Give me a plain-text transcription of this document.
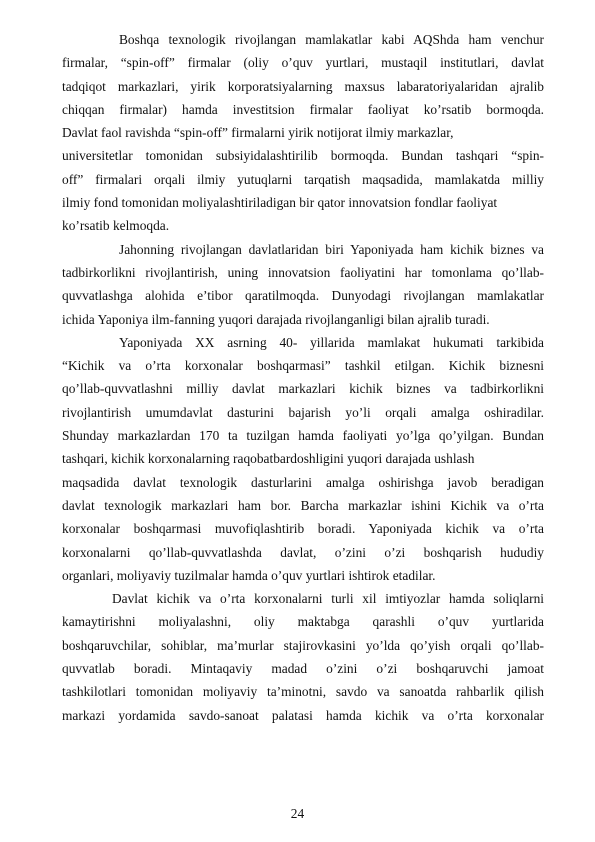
Boshqa texnologik rivojlangan mamlakatlar kabi AQShda ham venchur
firmalar, “spin-off” firmalar (oliy o’quv yurtlari, mustaqil institutlari, davlat
tadqiqot markazlari, yirik korporatsiyalarning maxsus labaratoriyalaridan ajralib
chiqqan firmalar) hamda investitsion firmalar faoliyat ko’rsatib bormoqda.
Davlat faol ravishda “spin-off” firmalarni yirik notijorat ilmiy markazlar,
universitetlar tomonidan subsiyidalashtirilib bormoqda. Bundan tashqari “spin-
off” firmalari orqali ilmiy yutuqlarni tarqatish maqsadida, mamlakatda milliy
ilmiy fond tomonidan moliyalashtiriladigan bir qator innovatsion fondlar faoliyat
ko’rsatib kelmoqda.
Jahonning rivojlangan davlatlaridan biri Yaponiyada ham kichik biznes va
tadbirkorlikni rivojlantirish, uning innovatsion faoliyatini har tomonlama qo’llab-
quvvatlashga alohida e’tibor qaratilmoqda. Dunyodagi rivojlangan mamlakatlar
ichida Yaponiya ilm-fanning yuqori darajada rivojlanganligi bilan ajralib turadi.
Yaponiyada XX asrning 40- yillarida mamlakat hukumati tarkibida
“Kichik va o’rta korxonalar boshqarmasi” tashkil etilgan. Kichik biznesni
qo’llab-quvvatlashni milliy davlat markazlari kichik biznes va tadbirkorlikni
rivojlantirish umumdavlat dasturini bajarish yo’li orqali amalga oshiradilar.
Shunday markazlardan 170 ta tuzilgan hamda faoliyati yo’lga qo’yilgan. Bundan
tashqari, kichik korxonalarning raqobatbardoshligini yuqori darajada ushlash
maqsadida davlat texnologik dasturlarini amalga oshirishga javob beradigan
davlat texnologik markazlari ham bor. Barcha markazlar ishini Kichik va o’rta
korxonalar boshqarmasi muvofiqlashtirib boradi. Yaponiyada kichik va o’rta
korxonalarni qo’llab-quvvatlashda davlat, o’zini o’zi boshqarish hududiy
organlari, moliyaviy tuzilmalar hamda o’quv yurtlari ishtirok etadilar.
Davlat kichik va o’rta korxonalarni turli xil imtiyozlar hamda soliqlarni
kamaytirishni moliyalashni, oliy maktabga qarashli o’quv yurtlarida
boshqaruvchilar, sohiblar, ma’murlar stajirovkasini yo’lda qo’yish orqali qo’llab-
quvvatlab boradi. Mintaqaviy madad o’zini o’zi boshqaruvchi jamoat
tashkilotlari tomonidan moliyaviy ta’minotni, savdo va sanoatda rahbarlik qilish
markazi yordamida savdo-sanoat palatasi hamda kichik va o’rta korxonalar
24
